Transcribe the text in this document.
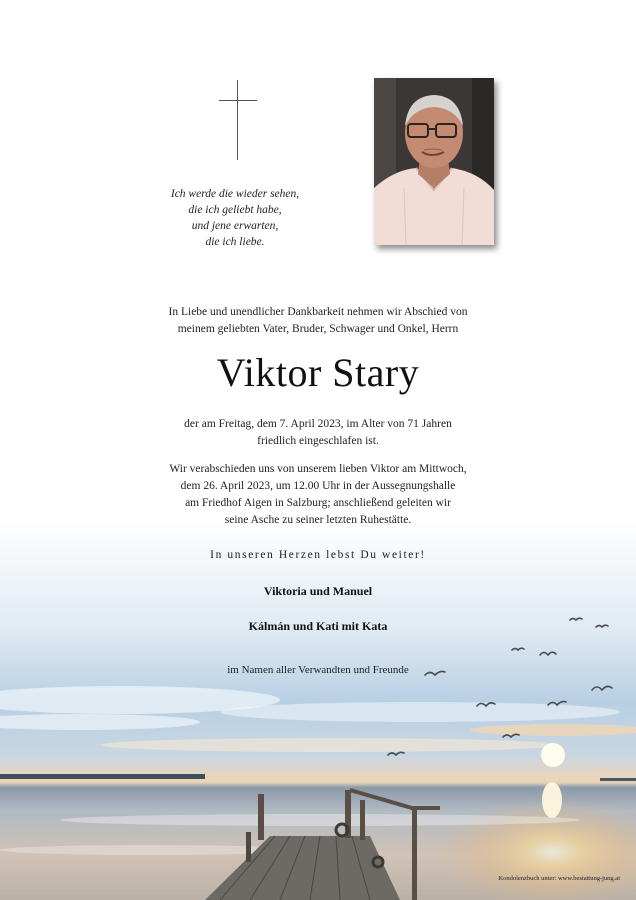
Ich werde die wieder sehen,
die ich geliebt habe,
und jene erwarten,
die ich liebe.
In Liebe und unendlicher Dankbarkeit nehmen wir Abschied von
meinem geliebten Vater, Bruder, Schwager und Onkel, Herrn
Viktor Stary
der am Freitag, dem 7. April 2023, im Alter von 71 Jahren
friedlich eingeschlafen ist.
Wir verabschieden uns von unserem lieben Viktor am Mittwoch,
dem 26. April 2023, um 12.00 Uhr in der Aussegnungshalle
am Friedhof Aigen in Salzburg; anschließend geleiten wir
seine Asche zu seiner letzten Ruhestätte.
In unseren Herzen lebst Du weiter!
Viktoria und Manuel
Kálmán und Kati mit Kata
im Namen aller Verwandten und Freunde
Kondolenzbuch unter: www.bestattung-jung.at
